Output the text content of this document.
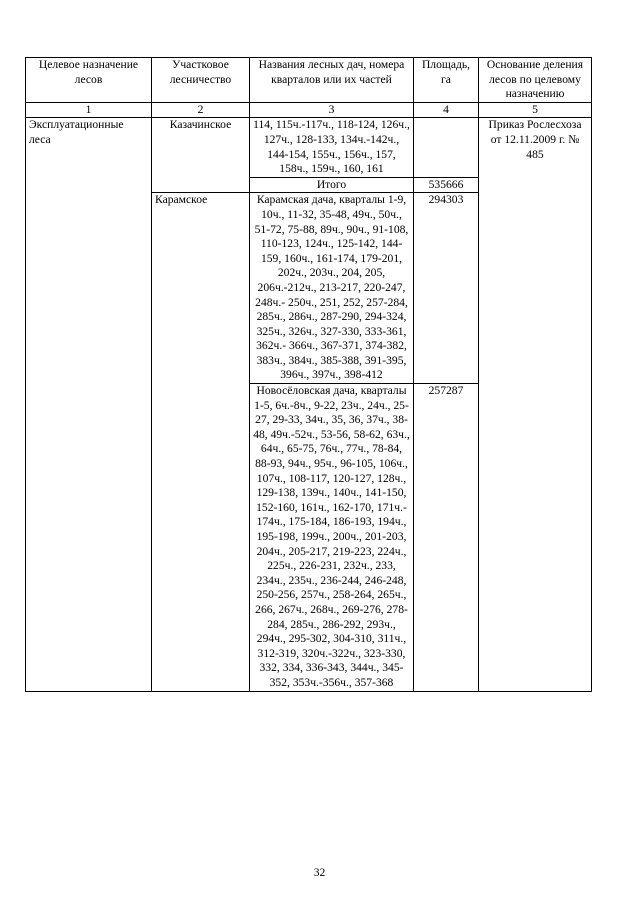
Целевое назначение лесов	Участковое лесничество	Названия лесных дач, номера кварталов или их частей	Площадь, га	Основание деления лесов по целевому назначению
1	2	3	4	5
Эксплуатационные леса	Казачинское	114, 115ч.-117ч., 118-124, 126ч., 127ч., 128-133, 134ч.-142ч., 144-154, 155ч., 156ч., 157, 158ч., 159ч., 160, 161		Приказ Рослесхоза от 12.11.2009 г. № 485
		Итого	535666	
	Карамское	Карамская дача, кварталы 1-9, 10ч., 11-32, 35-48, 49ч., 50ч., 51-72, 75-88, 89ч., 90ч., 91-108, 110-123, 124ч., 125-142, 144-159, 160ч., 161-174, 179-201, 202ч., 203ч., 204, 205, 206ч.-212ч., 213-217, 220-247, 248ч.- 250ч., 251, 252, 257-284, 285ч., 286ч., 287-290, 294-324, 325ч., 326ч., 327-330, 333-361, 362ч.- 366ч., 367-371, 374-382, 383ч., 384ч., 385-388, 391-395, 396ч., 397ч., 398-412	294303	
		Новосёловская дача, кварталы 1-5, 6ч.-8ч., 9-22, 23ч., 24ч., 25-27, 29-33, 34ч., 35, 36, 37ч., 38-48, 49ч.-52ч., 53-56, 58-62, 63ч., 64ч., 65-75, 76ч., 77ч., 78-84, 88-93, 94ч., 95ч., 96-105, 106ч., 107ч., 108-117, 120-127, 128ч., 129-138, 139ч., 140ч., 141-150, 152-160, 161ч., 162-170, 171ч.- 174ч., 175-184, 186-193, 194ч., 195-198, 199ч., 200ч., 201-203, 204ч., 205-217, 219-223, 224ч., 225ч., 226-231, 232ч., 233, 234ч., 235ч., 236-244, 246-248, 250-256, 257ч., 258-264, 265ч., 266, 267ч., 268ч., 269-276, 278-284, 285ч., 286-292, 293ч., 294ч., 295-302, 304-310, 311ч., 312-319, 320ч.-322ч., 323-330, 332, 334, 336-343, 344ч., 345-352, 353ч.-356ч., 357-368	257287	
32
